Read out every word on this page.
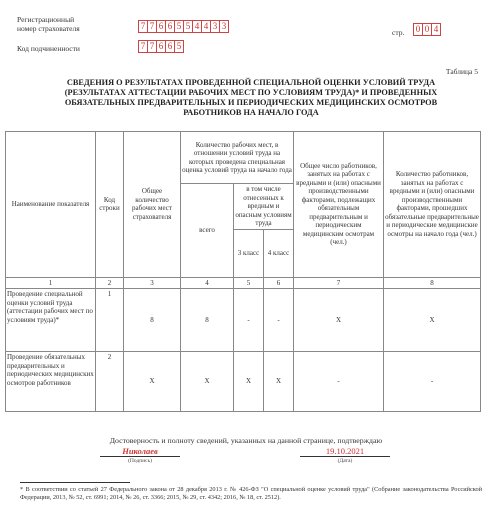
Регистрационный
номер страхователя	7 7 6 6 5 5 4 4 3 3
стр.	0 0 4
Код подчиненности	7 7 6 6 5
Таблица 5
СВЕДЕНИЯ О РЕЗУЛЬТАТАХ ПРОВЕДЕННОЙ СПЕЦИАЛЬНОЙ ОЦЕНКИ УСЛОВИЙ ТРУДА
(РЕЗУЛЬТАТАХ АТТЕСТАЦИИ РАБОЧИХ МЕСТ ПО УСЛОВИЯМ ТРУДА)* И ПРОВЕДЕННЫХ
ОБЯЗАТЕЛЬНЫХ ПРЕДВАРИТЕЛЬНЫХ И ПЕРИОДИЧЕСКИХ МЕДИЦИНСКИХ ОСМОТРОВ
РАБОТНИКОВ НА НАЧАЛО ГОДА
Наименование показателя	Код строки	Общее количество рабочих мест страхователя	Количество рабочих мест, в отношении условий труда на которых проведена специальная оценка условий труда на начало года			Общее число работников, занятых на работах с вредными и (или) опасными производственными факторами, подлежащих обязательным предварительным и периодическим медицинским осмотрам (чел.)	Количество работников, занятых на работах с вредными и (или) опасными производственными факторами, прошедших обязательные предварительные и периодические медицинские осмотры на начало года (чел.)
			всего	в том числе отнесенных к вредным и опасным условиям труда			
				3 класс	4 класс		
1	2	3	4	5	6	7	8
Проведение специальной оценки условий труда (аттестации рабочих мест по условиям труда)*	1	8	8	-	-	X	X
Проведение обязательных предварительных и периодических медицинских осмотров работников	2	X	X	X	X	-	-
Достоверность и полноту сведений, указанных на данной странице, подтверждаю
Николаев
(Подпись)
19.10.2021
(Дата)
* В соответствии со статьей 27 Федерального закона от 28 декабря 2013 г. № 426-ФЗ "О специальной оценке условий труда" (Собрание законодательства Российской Федерации, 2013, № 52, ст. 6991; 2014, № 26, ст. 3366; 2015, № 29, ст. 4342; 2016, № 18, ст. 2512).
